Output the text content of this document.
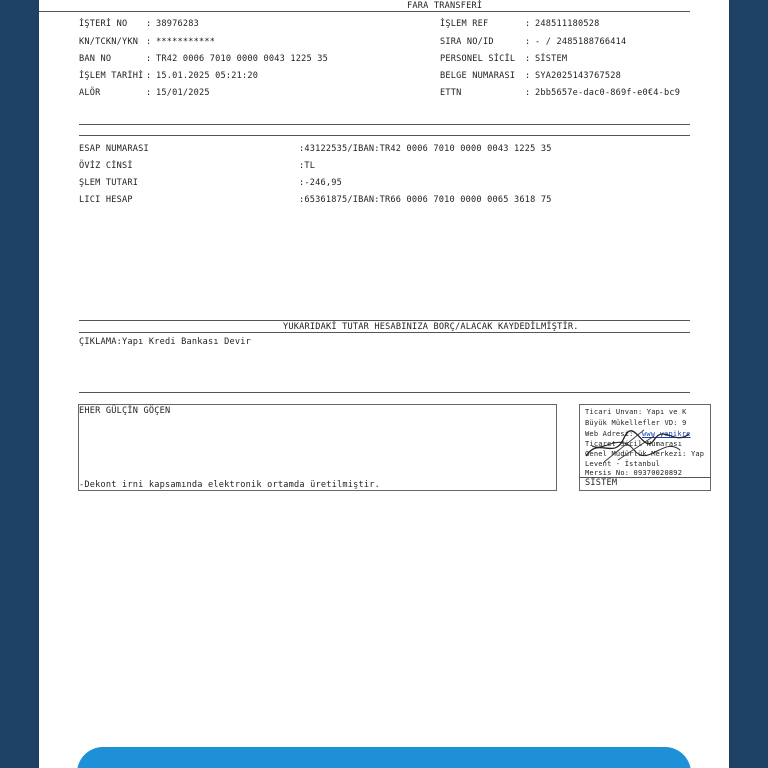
FARA TRANSFERİ
İŞTERİ NO : 38976283
KN/TCKN/YKN : ***********
BAN NO	: TR42 0006 7010 0000 0043 1225 35
İŞLEM TARİHİ : 15.01.2025 05:21:20
ALÖR	: 15/01/2025
İŞLEM REF	: 248511180528
SIRA NO/ID	: - / 2485188766414
PERSONEL SİCİL : SİSTEM
BELGE NUMARASI : SYA2025143767528
ETTN	: 2bb5657e-dac0-869f-e0€4-bc9
ESAP NUMARASI	:43122535/IBAN:TR42 0006 7010 0000 0043 1225 35
ÖVİZ CİNSİ	:TL
ŞLEM TUTARI	:-246,95
LICI HESAP	:65361875/IBAN:TR66 0006 7010 0000 0065 3618 75
YUKARIDAKİ TUTAR HESABINIZA BORÇ/ALACAK KAYDEDİLMİŞTİR.
ÇIKLAMA:Yapı Kredi Bankası Devir
EHER GÜLÇİN GÖÇEN
-Dekont irni kapsamında elektronik ortamda üretilmiştir.
Ticari Unvan: Yapı ve K
Büyük Mükellefler VD: 9
Web Adresi: www.yapikre
Ticaret Sicil Numarası
Genel Müdürlük Merkezi: Yap
Levent - İstanbul
Mersis No: 09370020892
SİSTEM
